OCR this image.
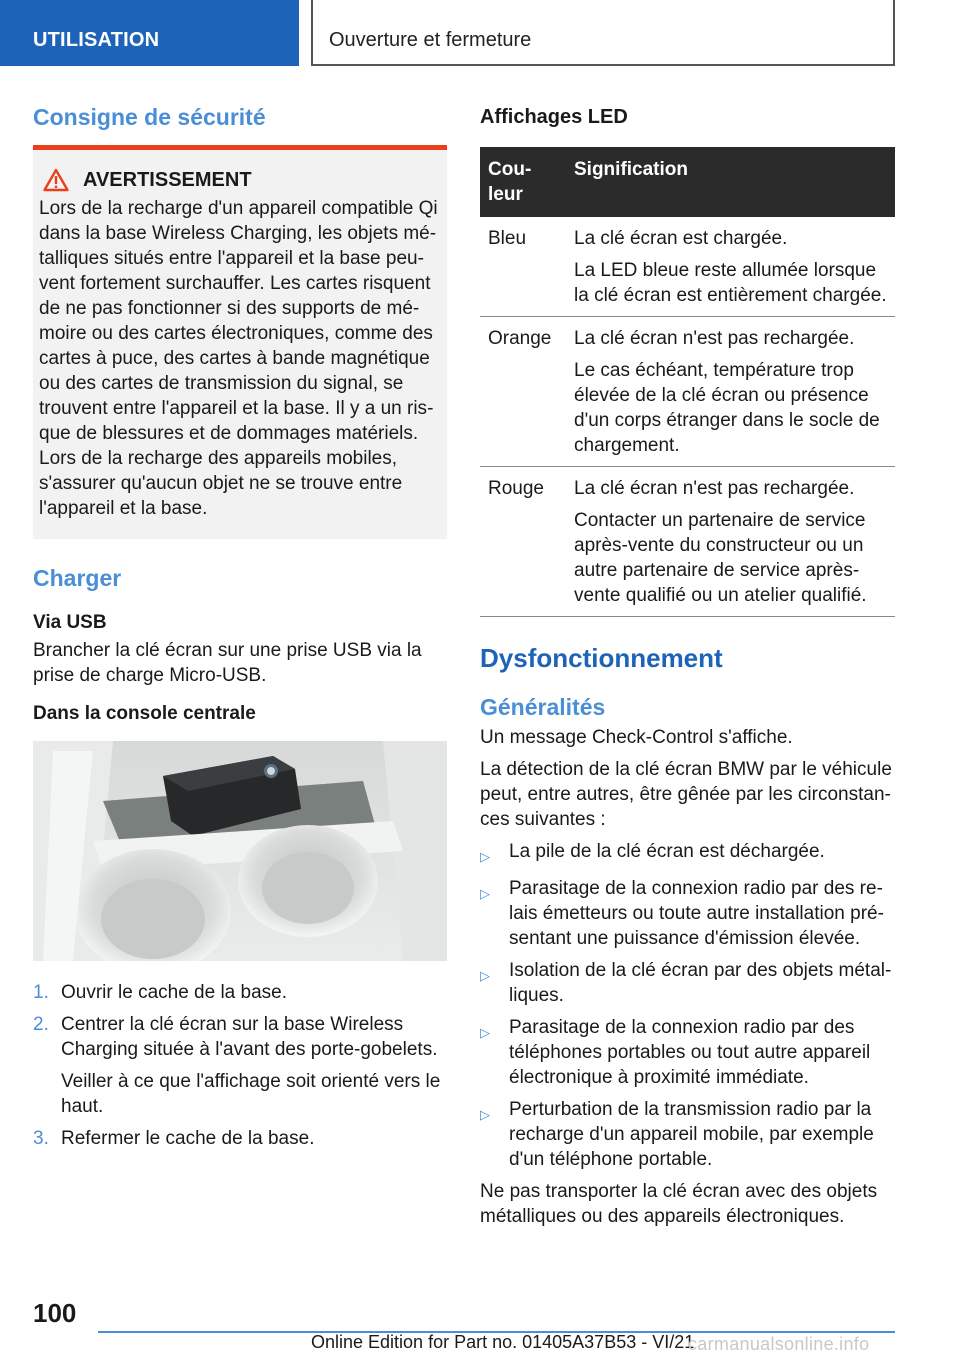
UTILISATION	Ouverture et fermeture
Consigne de sécurité
AVERTISSEMENT

Lors de la recharge d'un appareil compatible Qi dans la base Wireless Charging, les objets métalliques situés entre l'appareil et la base peuvent fortement surchauffer. Les cartes risquent de ne pas fonctionner si des supports de mémoire ou des cartes électroniques, comme des cartes à puce, des cartes à bande magnétique ou des cartes de transmission du signal, se trouvent entre l'appareil et la base. Il y a un risque de blessures et de dommages matériels. Lors de la recharge des appareils mobiles, s'assurer qu'aucun objet ne se trouve entre l'appareil et la base.

Charger
Via USB

Brancher la clé écran sur une prise USB via la prise de charge Micro-USB.

Dans la console centrale
1. Ouvrir le cache de la base.

2. Centrer la clé écran sur la base Wireless Charging située à l'avant des porte-gobelets.

Veiller à ce que l'affichage soit orienté vers le haut.

3. Refermer le cache de la base.

Affichages LED
Couleur	Signification
Bleu	La clé écran est chargée.

La LED bleue reste allumée lorsque la clé écran est entièrement chargée.

Orange	La clé écran n'est pas rechargée.

Le cas échéant, température trop élevée de la clé écran ou présence d'un corps étranger dans le socle de chargement.

Rouge	La clé écran n'est pas rechargée.

Contacter un partenaire de service après-vente du constructeur ou un autre partenaire de service après-vente qualifié ou un atelier qualifié.

Dysfonctionnement
Généralités

Un message Check-Control s'affiche.

La détection de la clé écran BMW par le véhicule peut, entre autres, être gênée par les circonstances suivantes :

▷	La pile de la clé écran est déchargée.
▷	Parasitage de la connexion radio par des relais émetteurs ou toute autre installation présentant une puissance d'émission élevée.
▷	Isolation de la clé écran par des objets métalliques.
▷	Parasitage de la connexion radio par des téléphones portables ou tout autre appareil électronique à proximité immédiate.
▷	Perturbation de la transmission radio par la recharge d'un appareil mobile, par exemple d'un téléphone portable.

Ne pas transporter la clé écran avec des objets métalliques ou des appareils électroniques.

100
Online Edition for Part no. 01405A37B53 - VI/21
carmanualsonline.info
